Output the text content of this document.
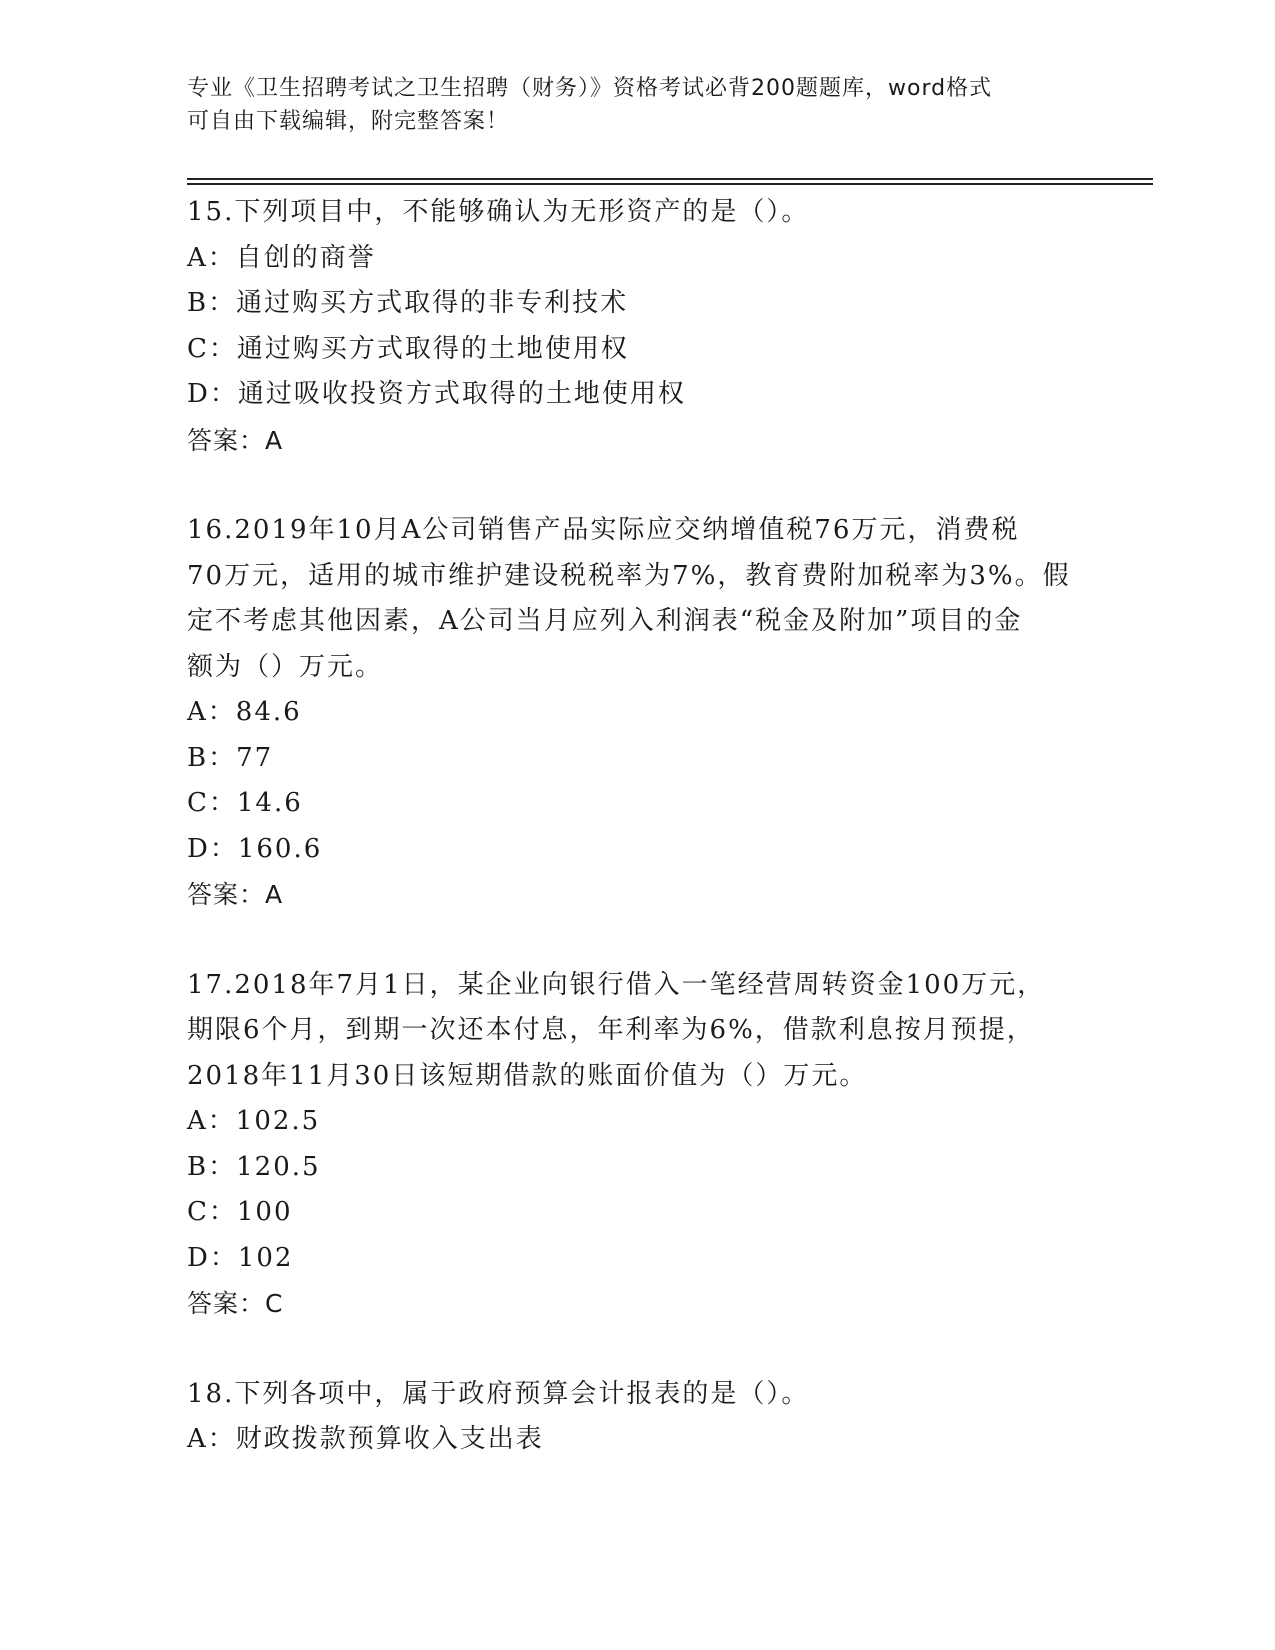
专业《卫生招聘考试之卫生招聘（财务）》资格考试必背200题题库，word格式
可自由下载编辑，附完整答案！

15.下列项目中，不能够确认为无形资产的是（）。

A：自创的商誉

B：通过购买方式取得的非专利技术

C：通过购买方式取得的土地使用权

D：通过吸收投资方式取得的土地使用权

答案：A

16.2019年10月A公司销售产品实际应交纳增值税76万元，消费税

70万元，适用的城市维护建设税税率为7%，教育费附加税率为3%。假

定不考虑其他因素，A公司当月应列入利润表“税金及附加”项目的金

额为（）万元。

A：84.6

B：77

C：14.6

D：160.6

答案：A

17.2018年7月1日，某企业向银行借入一笔经营周转资金100万元，

期限6个月，到期一次还本付息，年利率为6%，借款利息按月预提，

2018年11月30日该短期借款的账面价值为（）万元。

A：102.5

B：120.5

C：100

D：102

答案：C

18.下列各项中，属于政府预算会计报表的是（）。

A：财政拨款预算收入支出表
